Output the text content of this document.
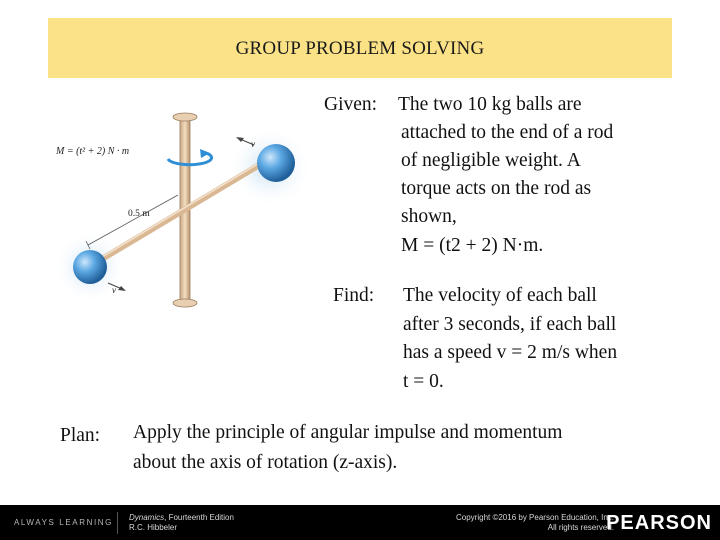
GROUP PROBLEM SOLVING
M = (t² + 2) N · m
0.5 m
v
v
Given: The two 10 kg balls are
attached to the end of a rod
of negligible weight. A
torque acts on the rod as
shown,
M = (t2 + 2) N·m.
Find: The velocity of each ball
after 3 seconds, if each ball
has a speed v = 2 m/s when
t = 0.
Plan: Apply the principle of angular impulse and momentum
about the axis of rotation (z-axis).
ALWAYS LEARNING
Dynamics, Fourteenth Edition
R.C. Hibbeler
Copyright ©2016 by Pearson Education, Inc.
All rights reserved.
PEARSON
